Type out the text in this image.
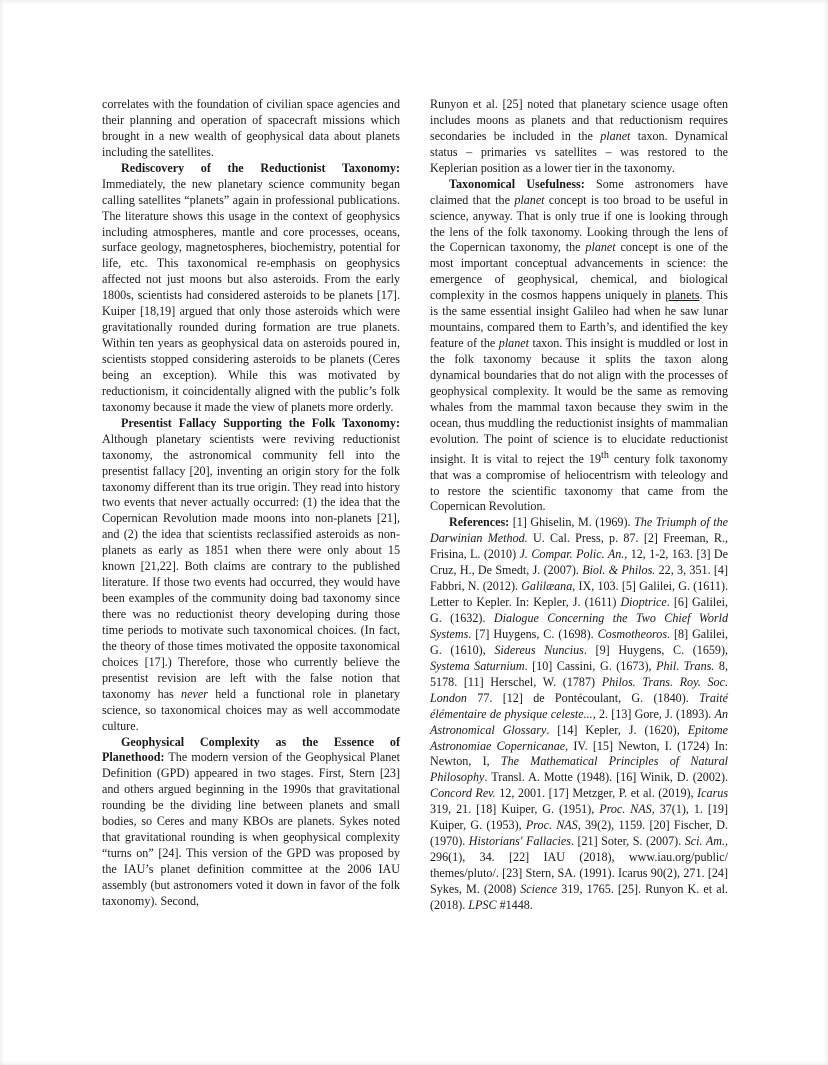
correlates with the foundation of civilian space agencies and their planning and operation of spacecraft missions which brought in a new wealth of geophysical data about planets including the satellites.

Rediscovery of the Reductionist Taxonomy: Immediately, the new planetary science community began calling satellites “planets” again in professional publications. The literature shows this usage in the context of geophysics including atmospheres, mantle and core processes, oceans, surface geology, magnetospheres, biochemistry, potential for life, etc. This taxonomical re-emphasis on geophysics affected not just moons but also asteroids. From the early 1800s, scientists had considered asteroids to be planets [17]. Kuiper [18,19] argued that only those asteroids which were gravitationally rounded during formation are true planets. Within ten years as geophysical data on asteroids poured in, scientists stopped considering asteroids to be planets (Ceres being an exception). While this was motivated by reductionism, it coincidentally aligned with the public’s folk taxonomy because it made the view of planets more orderly.

Presentist Fallacy Supporting the Folk Taxonomy: Although planetary scientists were reviving reductionist taxonomy, the astronomical community fell into the presentist fallacy [20], inventing an origin story for the folk taxonomy different than its true origin. They read into history two events that never actually occurred: (1) the idea that the Copernican Revolution made moons into non-planets [21], and (2) the idea that scientists reclassified asteroids as non-planets as early as 1851 when there were only about 15 known [21,22]. Both claims are contrary to the published literature. If those two events had occurred, they would have been examples of the community doing bad taxonomy since there was no reductionist theory developing during those time periods to motivate such taxonomical choices. (In fact, the theory of those times motivated the opposite taxonomical choices [17].) Therefore, those who currently believe the presentist revision are left with the false notion that taxonomy has never held a functional role in planetary science, so taxonomical choices may as well accommodate culture.

Geophysical Complexity as the Essence of Planethood: The modern version of the Geophysical Planet Definition (GPD) appeared in two stages. First, Stern [23] and others argued beginning in the 1990s that gravitational rounding be the dividing line between planets and small bodies, so Ceres and many KBOs are planets. Sykes noted that gravitational rounding is when geophysical complexity “turns on” [24]. This version of the GPD was proposed by the IAU’s planet definition committee at the 2006 IAU assembly (but astronomers voted it down in favor of the folk taxonomy). Second,

Runyon et al. [25] noted that planetary science usage often includes moons as planets and that reductionism requires secondaries be included in the planet taxon. Dynamical status – primaries vs satellites – was restored to the Keplerian position as a lower tier in the taxonomy.

Taxonomical Usefulness: Some astronomers have claimed that the planet concept is too broad to be useful in science, anyway. That is only true if one is looking through the lens of the folk taxonomy. Looking through the lens of the Copernican taxonomy, the planet concept is one of the most important conceptual advancements in science: the emergence of geophysical, chemical, and biological complexity in the cosmos happens uniquely in planets. This is the same essential insight Galileo had when he saw lunar mountains, compared them to Earth’s, and identified the key feature of the planet taxon. This insight is muddled or lost in the folk taxonomy because it splits the taxon along dynamical boundaries that do not align with the processes of geophysical complexity. It would be the same as removing whales from the mammal taxon because they swim in the ocean, thus muddling the reductionist insights of mammalian evolution. The point of science is to elucidate reductionist insight. It is vital to reject the 19th century folk taxonomy that was a compromise of heliocentrism with teleology and to restore the scientific taxonomy that came from the Copernican Revolution.

References: [1] Ghiselin, M. (1969). The Triumph of the Darwinian Method. U. Cal. Press, p. 87. [2] Freeman, R., Frisina, L. (2010) J. Compar. Polic. An., 12, 1-2, 163. [3] De Cruz, H., De Smedt, J. (2007). Biol. & Philos. 22, 3, 351. [4] Fabbri, N. (2012). Galilæana, IX, 103. [5] Galilei, G. (1611). Letter to Kepler. In: Kepler, J. (1611) Dioptrice. [6] Galilei, G. (1632). Dialogue Concerning the Two Chief World Systems. [7] Huygens, C. (1698). Cosmotheoros. [8] Galilei, G. (1610), Sidereus Nuncius. [9] Huygens, C. (1659), Systema Saturnium. [10] Cassini, G. (1673), Phil. Trans. 8, 5178. [11] Herschel, W. (1787) Philos. Trans. Roy. Soc. London 77. [12] de Pontécoulant, G. (1840). Traité élémentaire de physique celeste..., 2. [13] Gore, J. (1893). An Astronomical Glossary. [14] Kepler, J. (1620), Epitome Astronomiae Copernicanae, IV. [15] Newton, I. (1724) In: Newton, I, The Mathematical Principles of Natural Philosophy. Transl. A. Motte (1948). [16] Winik, D. (2002). Concord Rev. 12, 2001. [17] Metzger, P. et al. (2019), Icarus 319, 21. [18] Kuiper, G. (1951), Proc. NAS, 37(1), 1. [19] Kuiper, G. (1953), Proc. NAS, 39(2), 1159. [20] Fischer, D. (1970). Historians' Fallacies. [21] Soter, S. (2007). Sci. Am., 296(1), 34. [22] IAU (2018), www.iau.org/public/ themes/pluto/. [23] Stern, SA. (1991). Icarus 90(2), 271. [24] Sykes, M. (2008) Science 319, 1765. [25]. Runyon K. et al. (2018). LPSC #1448.
